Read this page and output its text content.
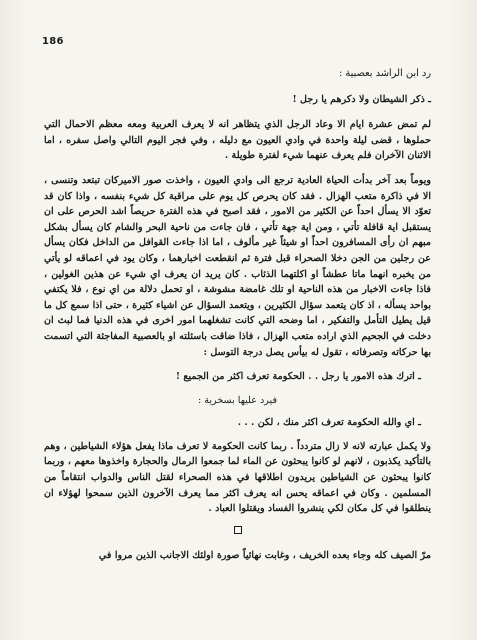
186

رد ابن الراشد بعصبية :

ـ ذكر الشيطان ولا دكرهم يا رجل !

لم تمض عشرة ايام الا وعاد الرجل الذي يتظاهر انه لا يعرف العربية ومعه معظم الاحمال التي حملوها ، قضى ليلة واحدة في وادي العيون مع دليله ، وفي فجر اليوم التالي واصل سفره ، اما الاثنان الآخران فلم يعرف عنهما شيء لفترة طويلة .

ويوماً بعد آخر بدأت الحياة العادية ترجع الى وادي العيون ، واخذت صور الاميركان تبتعد وتنسى ، الا في ذاكرة متعب الهزال . فقد كان يحرص كل يوم على مراقبة كل شيء بنفسه ، واذا كان قد تعوّد الا يسأل احداً عن الكثير من الامور ، فقد اصبح في هذه الفترة حريصاً اشد الحرص على ان يستقبل اية قافلة تأتي ، ومن اية جهة تأتي ، فان جاءت من ناحية البحر والشام كان يسأل بشكل مبهم ان رأى المسافرون احداً او شيئاً غير مألوف ، اما اذا جاءت القوافل من الداخل فكان يسأل عن رجلين من الجن دخلا الصحراء قبل فترة ثم انقطعت اخبارهما ، وكان يود في اعماقه لو يأتي من يخبره انهما ماتا عطشاً او اكلتهما الذئاب . كان يريد ان يعرف اي شيء عن هذين الغولين ، فاذا جاءت الاخبار من هذه الناحية او تلك غامضة مشوشة ، او تحمل دلالة من اي نوع ، فلا يكتفي بواحد يسأله ، اذ كان يتعمد سؤال الكثيرين ، ويتعمد السؤال عن اشياء كثيرة ، حتى اذا سمع كل ما قيل يطيل التأمل والتفكير ، اما وضحه التي كانت تشغلهما امور اخرى في هذه الدنيا فما لبث ان دخلت في الجحيم الذي اراده متعب الهزال ، فاذا ضاقت باسئلته او بالعصبية المفاجئة التي اتسمت بها حركاته وتصرفاته ، تقول له بيأس يصل درجة التوسل :

ـ اترك هذه الامور يا رجل . . الحكومة تعرف اكثر من الجميع !

فيرد عليها بسخرية :

ـ اي والله الحكومة تعرف اكثر منك ، لكن . . .

ولا يكمل عبارته لانه لا زال متردداً . ربما كانت الحكومة لا تعرف ماذا يفعل هؤلاء الشياطين ، وهم بالتأكيد يكذبون ، لانهم لو كانوا يبحثون عن الماء لما جمعوا الرمال والحجارة واخذوها معهم ، وربما كانوا يبحثون عن الشياطين يريدون اطلاقها في هذه الصحراء لقتل الناس والدواب انتقاماً من المسلمين . وكان في اعماقه يحس انه يعرف اكثر مما يعرف الآخرون الذين سمحوا لهؤلاء ان ينطلقوا في كل مكان لكي ينشروا الفساد ويقتلوا العباد .

مرّ الصيف كله وجاء بعده الخريف ، وغابت نهائياً صورة اولئك الاجانب الذين مروا في
